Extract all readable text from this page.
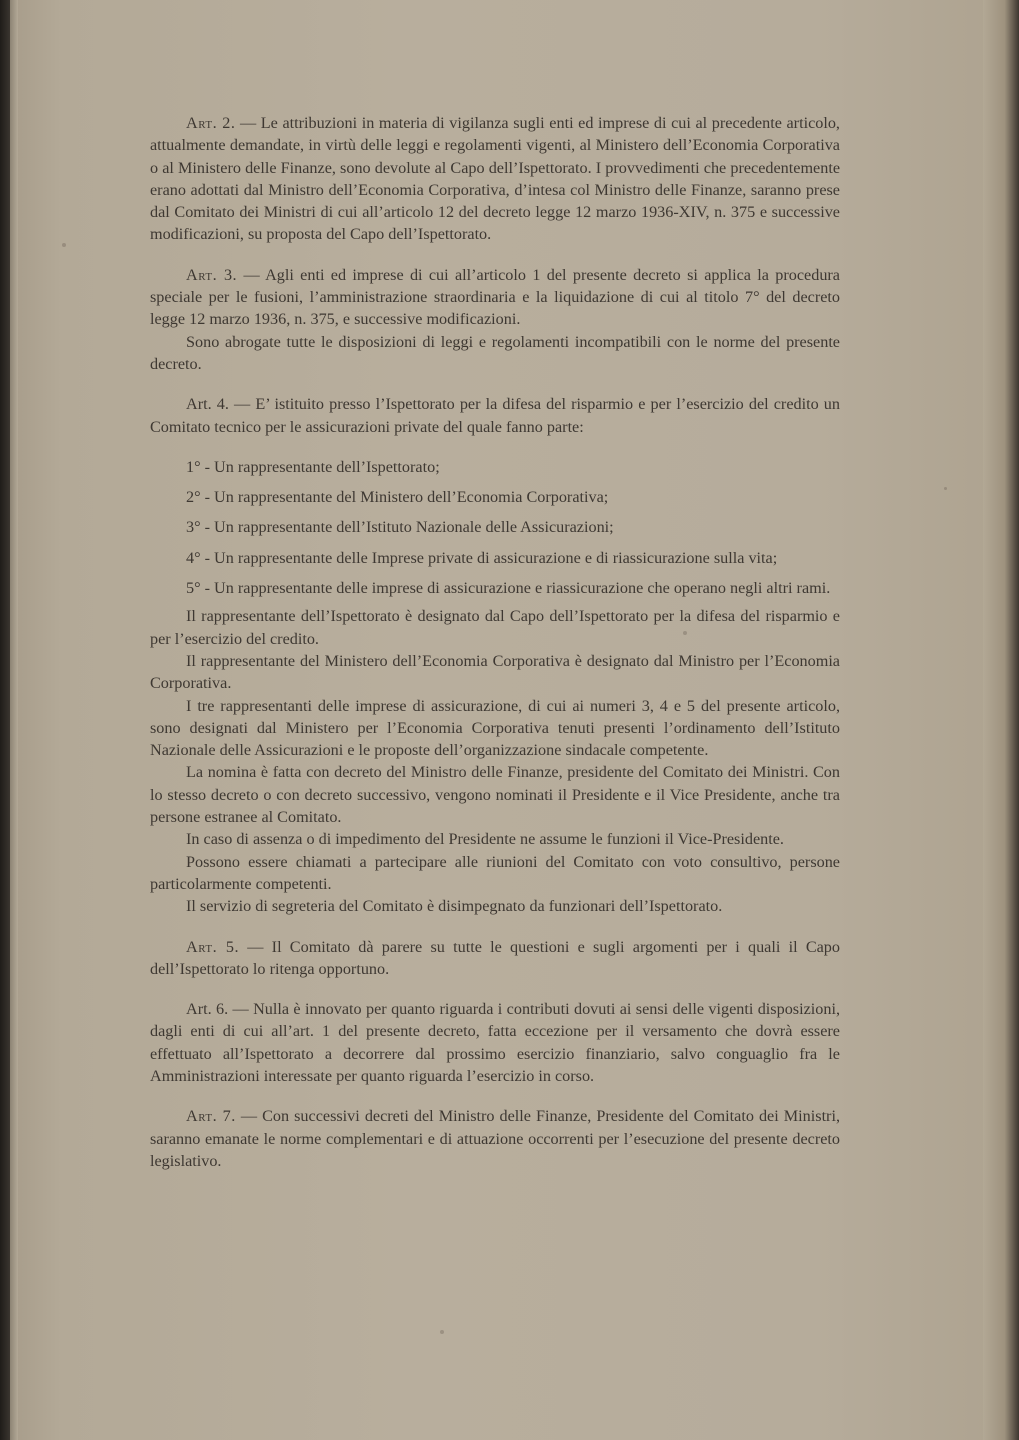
Art. 2. — Le attribuzioni in materia di vigilanza sugli enti ed imprese di cui al precedente articolo, attualmente demandate, in virtù delle leggi e regolamenti vigenti, al Ministero dell’Economia Corporativa o al Ministero delle Finanze, sono devolute al Capo dell’Ispettorato. I provvedimenti che precedentemente erano adottati dal Ministro dell’Economia Corporativa, d’intesa col Ministro delle Finanze, saranno prese dal Comitato dei Ministri di cui all’articolo 12 del decreto legge 12 marzo 1936-XIV, n. 375 e successive modificazioni, su proposta del Capo dell’Ispettorato.

Art. 3. — Agli enti ed imprese di cui all’articolo 1 del presente decreto si applica la procedura speciale per le fusioni, l’amministrazione straordinaria e la liquidazione di cui al titolo 7° del decreto legge 12 marzo 1936, n. 375, e successive modificazioni.

Sono abrogate tutte le disposizioni di leggi e regolamenti incompatibili con le norme del presente decreto.

Art. 4. — E’ istituito presso l’Ispettorato per la difesa del risparmio e per l’esercizio del credito un Comitato tecnico per le assicurazioni private del quale fanno parte:

1° - Un rappresentante dell’Ispettorato;

2° - Un rappresentante del Ministero dell’Economia Corporativa;

3° - Un rappresentante dell’Istituto Nazionale delle Assicurazioni;

4° - Un rappresentante delle Imprese private di assicurazione e di riassicurazione sulla vita;

5° - Un rappresentante delle imprese di assicurazione e riassicurazione che operano negli altri rami.

Il rappresentante dell’Ispettorato è designato dal Capo dell’Ispettorato per la difesa del risparmio e per l’esercizio del credito.

Il rappresentante del Ministero dell’Economia Corporativa è designato dal Ministro per l’Economia Corporativa.

I tre rappresentanti delle imprese di assicurazione, di cui ai numeri 3, 4 e 5 del presente articolo, sono designati dal Ministero per l’Economia Corporativa tenuti presenti l’ordinamento dell’Istituto Nazionale delle Assicurazioni e le proposte dell’organizzazione sindacale competente.

La nomina è fatta con decreto del Ministro delle Finanze, presidente del Comitato dei Ministri. Con lo stesso decreto o con decreto successivo, vengono nominati il Presidente e il Vice Presidente, anche tra persone estranee al Comitato.

In caso di assenza o di impedimento del Presidente ne assume le funzioni il Vice-Presidente.

Possono essere chiamati a partecipare alle riunioni del Comitato con voto consultivo, persone particolarmente competenti.

Il servizio di segreteria del Comitato è disimpegnato da funzionari dell’Ispettorato.

Art. 5. — Il Comitato dà parere su tutte le questioni e sugli argomenti per i quali il Capo dell’Ispettorato lo ritenga opportuno.

Art. 6. — Nulla è innovato per quanto riguarda i contributi dovuti ai sensi delle vigenti disposizioni, dagli enti di cui all’art. 1 del presente decreto, fatta eccezione per il versamento che dovrà essere effettuato all’Ispettorato a decorrere dal prossimo esercizio finanziario, salvo conguaglio fra le Amministrazioni interessate per quanto riguarda l’esercizio in corso.

Art. 7. — Con successivi decreti del Ministro delle Finanze, Presidente del Comitato dei Ministri, saranno emanate le norme complementari e di attuazione occorrenti per l’esecuzione del presente decreto legislativo.
